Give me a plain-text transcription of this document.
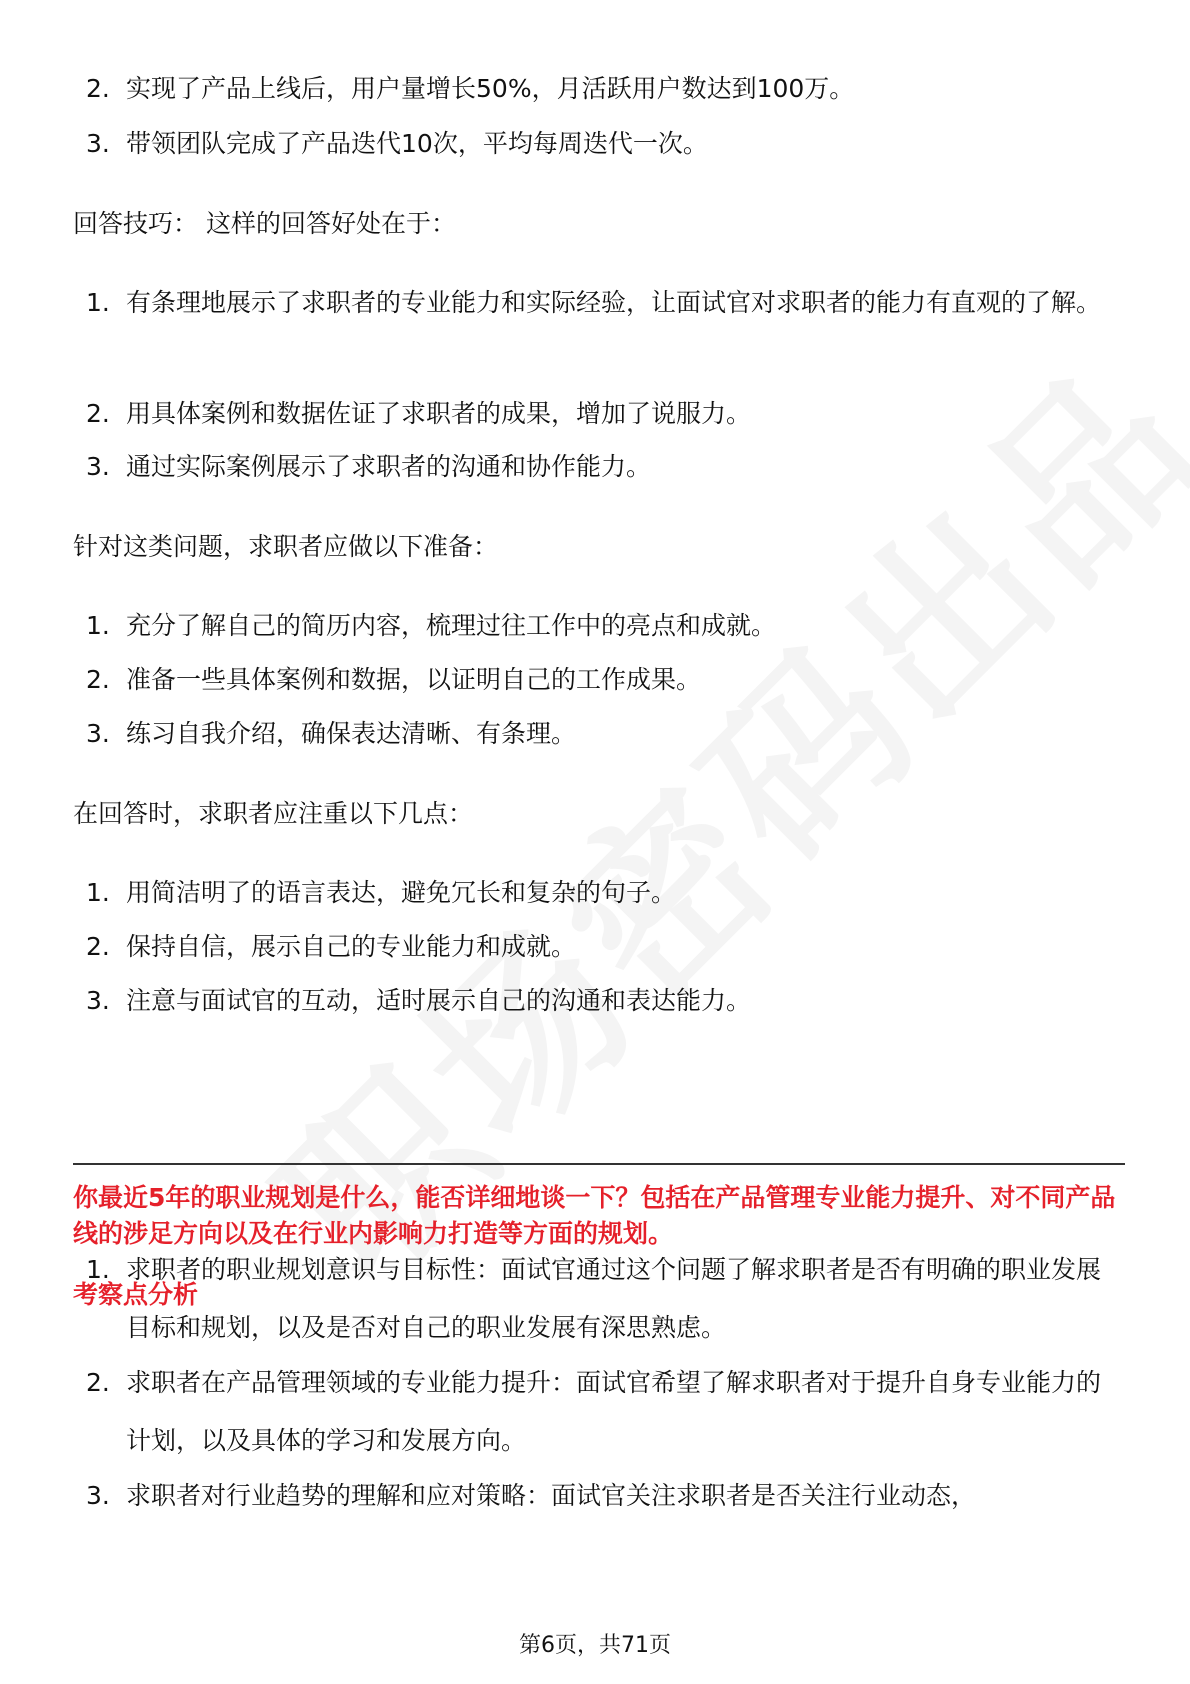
2. 实现了产品上线后，用户量增长50%，月活跃用户数达到100万。
3. 带领团队完成了产品迭代10次，平均每周迭代一次。
回答技巧： 这样的回答好处在于：
1. 有条理地展示了求职者的专业能力和实际经验，让面试官对求职者的能力有直观的了解。
2. 用具体案例和数据佐证了求职者的成果，增加了说服力。
3. 通过实际案例展示了求职者的沟通和协作能力。
针对这类问题，求职者应做以下准备：
1. 充分了解自己的简历内容，梳理过往工作中的亮点和成就。
2. 准备一些具体案例和数据，以证明自己的工作成果。
3. 练习自我介绍，确保表达清晰、有条理。
在回答时，求职者应注重以下几点：
1. 用简洁明了的语言表达，避免冗长和复杂的句子。
2. 保持自信，展示自己的专业能力和成就。
3. 注意与面试官的互动，适时展示自己的沟通和表达能力。
你最近5年的职业规划是什么，能否详细地谈一下？包括在产品管理专业能力提升、对不同产品线的涉足方向以及在行业内影响力打造等方面的规划。
考察点分析
1. 求职者的职业规划意识与目标性：面试官通过这个问题了解求职者是否有明确的职业发展目标和规划，以及是否对自己的职业发展有深思熟虑。
2. 求职者在产品管理领域的专业能力提升：面试官希望了解求职者对于提升自身专业能力的计划，以及具体的学习和发展方向。
3. 求职者对行业趋势的理解和应对策略：面试官关注求职者是否关注行业动态，
第6页，共71页
